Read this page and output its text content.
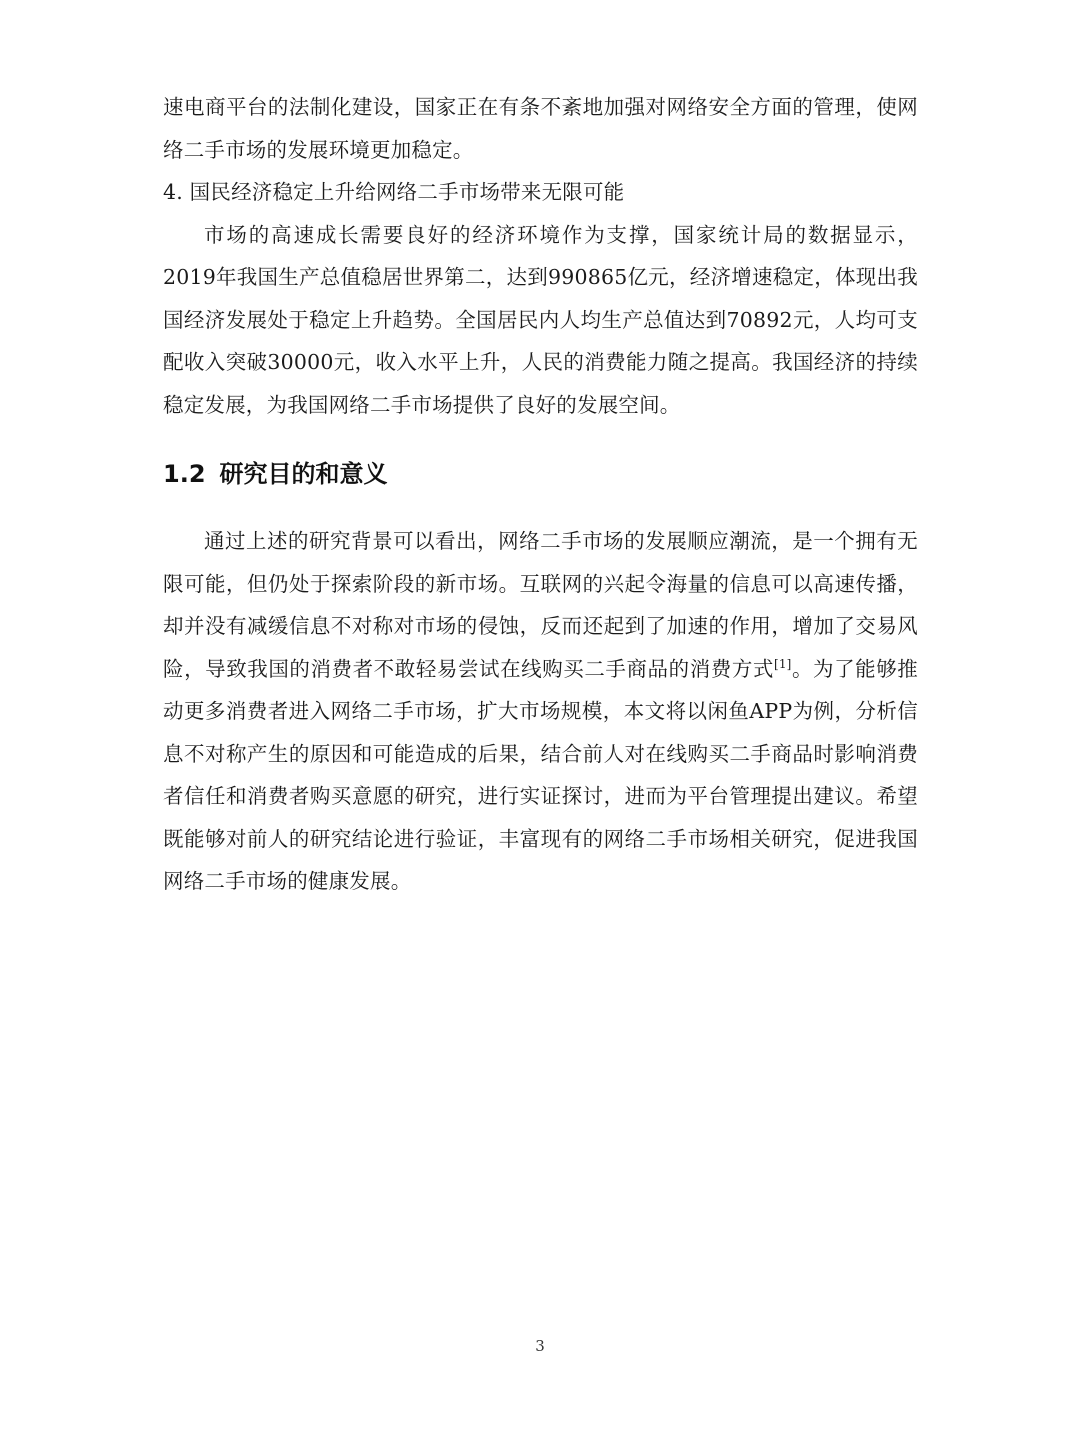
速电商平台的法制化建设，国家正在有条不紊地加强对网络安全方面的管理，使网络二手市场的发展环境更加稳定。

4. 国民经济稳定上升给网络二手市场带来无限可能

市场的高速成长需要良好的经济环境作为支撑，国家统计局的数据显示，2019年我国生产总值稳居世界第二，达到990865亿元，经济增速稳定，体现出我国经济发展处于稳定上升趋势。全国居民内人均生产总值达到70892元，人均可支配收入突破30000元，收入水平上升，人民的消费能力随之提高。我国经济的持续稳定发展，为我国网络二手市场提供了良好的发展空间。

1.2 研究目的和意义

通过上述的研究背景可以看出，网络二手市场的发展顺应潮流，是一个拥有无限可能，但仍处于探索阶段的新市场。互联网的兴起令海量的信息可以高速传播，却并没有减缓信息不对称对市场的侵蚀，反而还起到了加速的作用，增加了交易风险，导致我国的消费者不敢轻易尝试在线购买二手商品的消费方式[1]。为了能够推动更多消费者进入网络二手市场，扩大市场规模，本文将以闲鱼APP为例，分析信息不对称产生的原因和可能造成的后果，结合前人对在线购买二手商品时影响消费者信任和消费者购买意愿的研究，进行实证探讨，进而为平台管理提出建议。希望既能够对前人的研究结论进行验证，丰富现有的网络二手市场相关研究，促进我国网络二手市场的健康发展。

3
